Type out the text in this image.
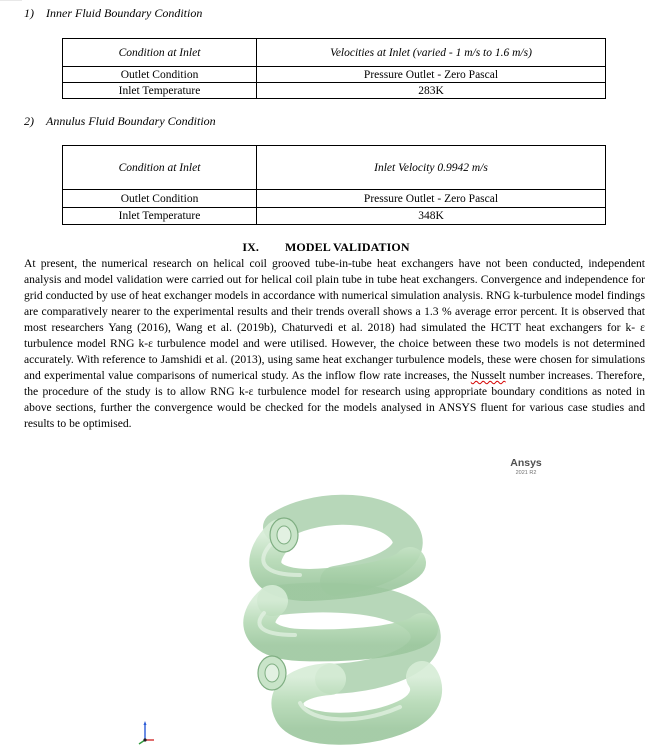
1) Inner Fluid Boundary Condition
Condition at Inlet	Velocities at Inlet (varied - 1 m/s to 1.6 m/s)
Outlet Condition	Pressure Outlet - Zero Pascal
Inlet Temperature	283K
2) Annulus Fluid Boundary Condition
Condition at Inlet	Inlet Velocity 0.9942 m/s
Outlet Condition	Pressure Outlet - Zero Pascal
Inlet Temperature	348K
IX. MODEL VALIDATION
At present, the numerical research on helical coil grooved tube-in-tube heat exchangers have not been conducted, independent analysis and model validation were carried out for helical coil plain tube in tube heat exchangers. Convergence and independence for grid conducted by use of heat exchanger models in accordance with numerical simulation analysis. RNG k-turbulence model findings are comparatively nearer to the experimental results and their trends overall shows a 1.3 % average error percent. It is observed that most researchers Yang (2016), Wang et al. (2019b), Chaturvedi et al. 2018) had simulated the HCTT heat exchangers for k- ε turbulence model RNG k-ε turbulence model and were utilised. However, the choice between these two models is not determined accurately. With reference to Jamshidi et al. (2013), using same heat exchanger turbulence models, these were chosen for simulations and experimental value comparisons of numerical study. As the inflow flow rate increases, the Nusselt number increases. Therefore, the procedure of the study is to allow RNG k-ε turbulence model for research using appropriate boundary conditions as noted in above sections, further the convergence would be checked for the models analysed in ANSYS fluent for various case studies and results to be optimised.
Ansys
2021 R2
